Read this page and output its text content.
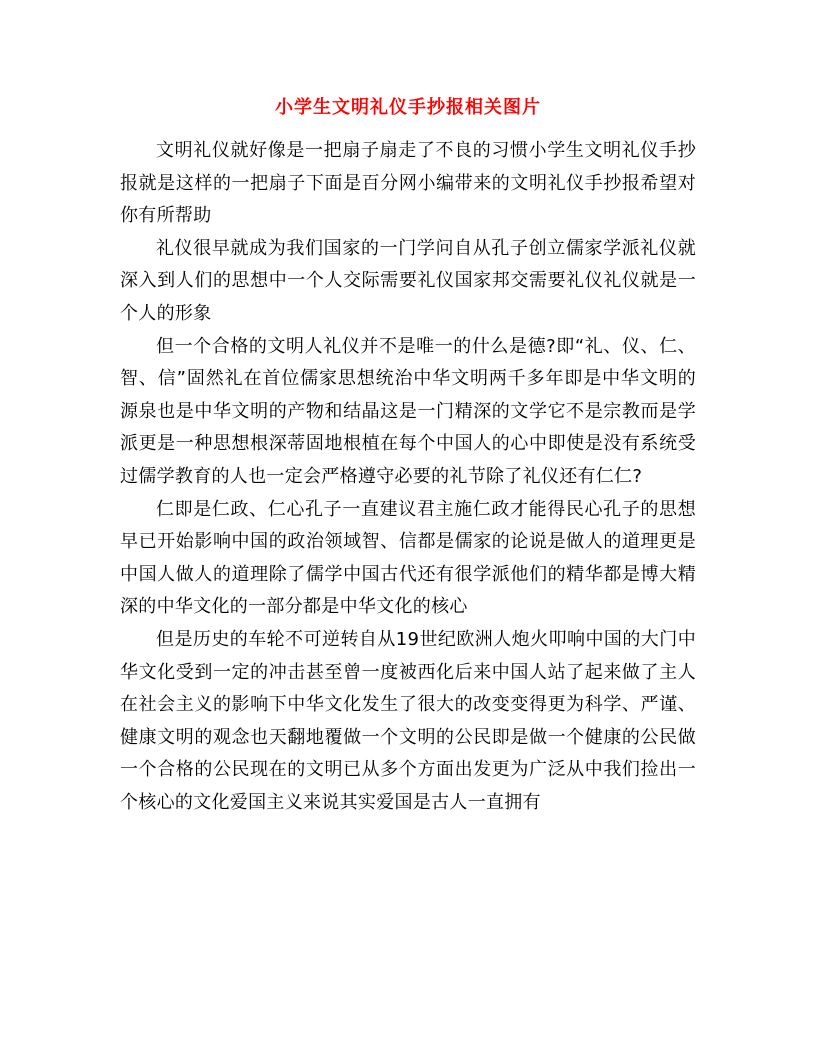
小学生文明礼仪手抄报相关图片

文明礼仪就好像是一把扇子扇走了不良的习惯小学生文明礼仪手抄报就是这样的一把扇子下面是百分网小编带来的文明礼仪手抄报希望对你有所帮助

礼仪很早就成为我们国家的一门学问自从孔子创立儒家学派礼仪就深入到人们的思想中一个人交际需要礼仪国家邦交需要礼仪礼仪就是一个人的形象

但一个合格的文明人礼仪并不是唯一的什么是德?即“礼、仪、仁、智、信”固然礼在首位儒家思想统治中华文明两千多年即是中华文明的源泉也是中华文明的产物和结晶这是一门精深的文学它不是宗教而是学派更是一种思想根深蒂固地根植在每个中国人的心中即使是没有系统受过儒学教育的人也一定会严格遵守必要的礼节除了礼仪还有仁仁?

仁即是仁政、仁心孔子一直建议君主施仁政才能得民心孔子的思想早已开始影响中国的政治领域智、信都是儒家的论说是做人的道理更是中国人做人的道理除了儒学中国古代还有很学派他们的精华都是博大精深的中华文化的一部分都是中华文化的核心

但是历史的车轮不可逆转自从19世纪欧洲人炮火叩响中国的大门中华文化受到一定的冲击甚至曾一度被西化后来中国人站了起来做了主人在社会主义的影响下中华文化发生了很大的改变变得更为科学、严谨、健康文明的观念也天翻地覆做一个文明的公民即是做一个健康的公民做一个合格的公民现在的文明已从多个方面出发更为广泛从中我们捡出一个核心的文化爱国主义来说其实爱国是古人一直拥有
